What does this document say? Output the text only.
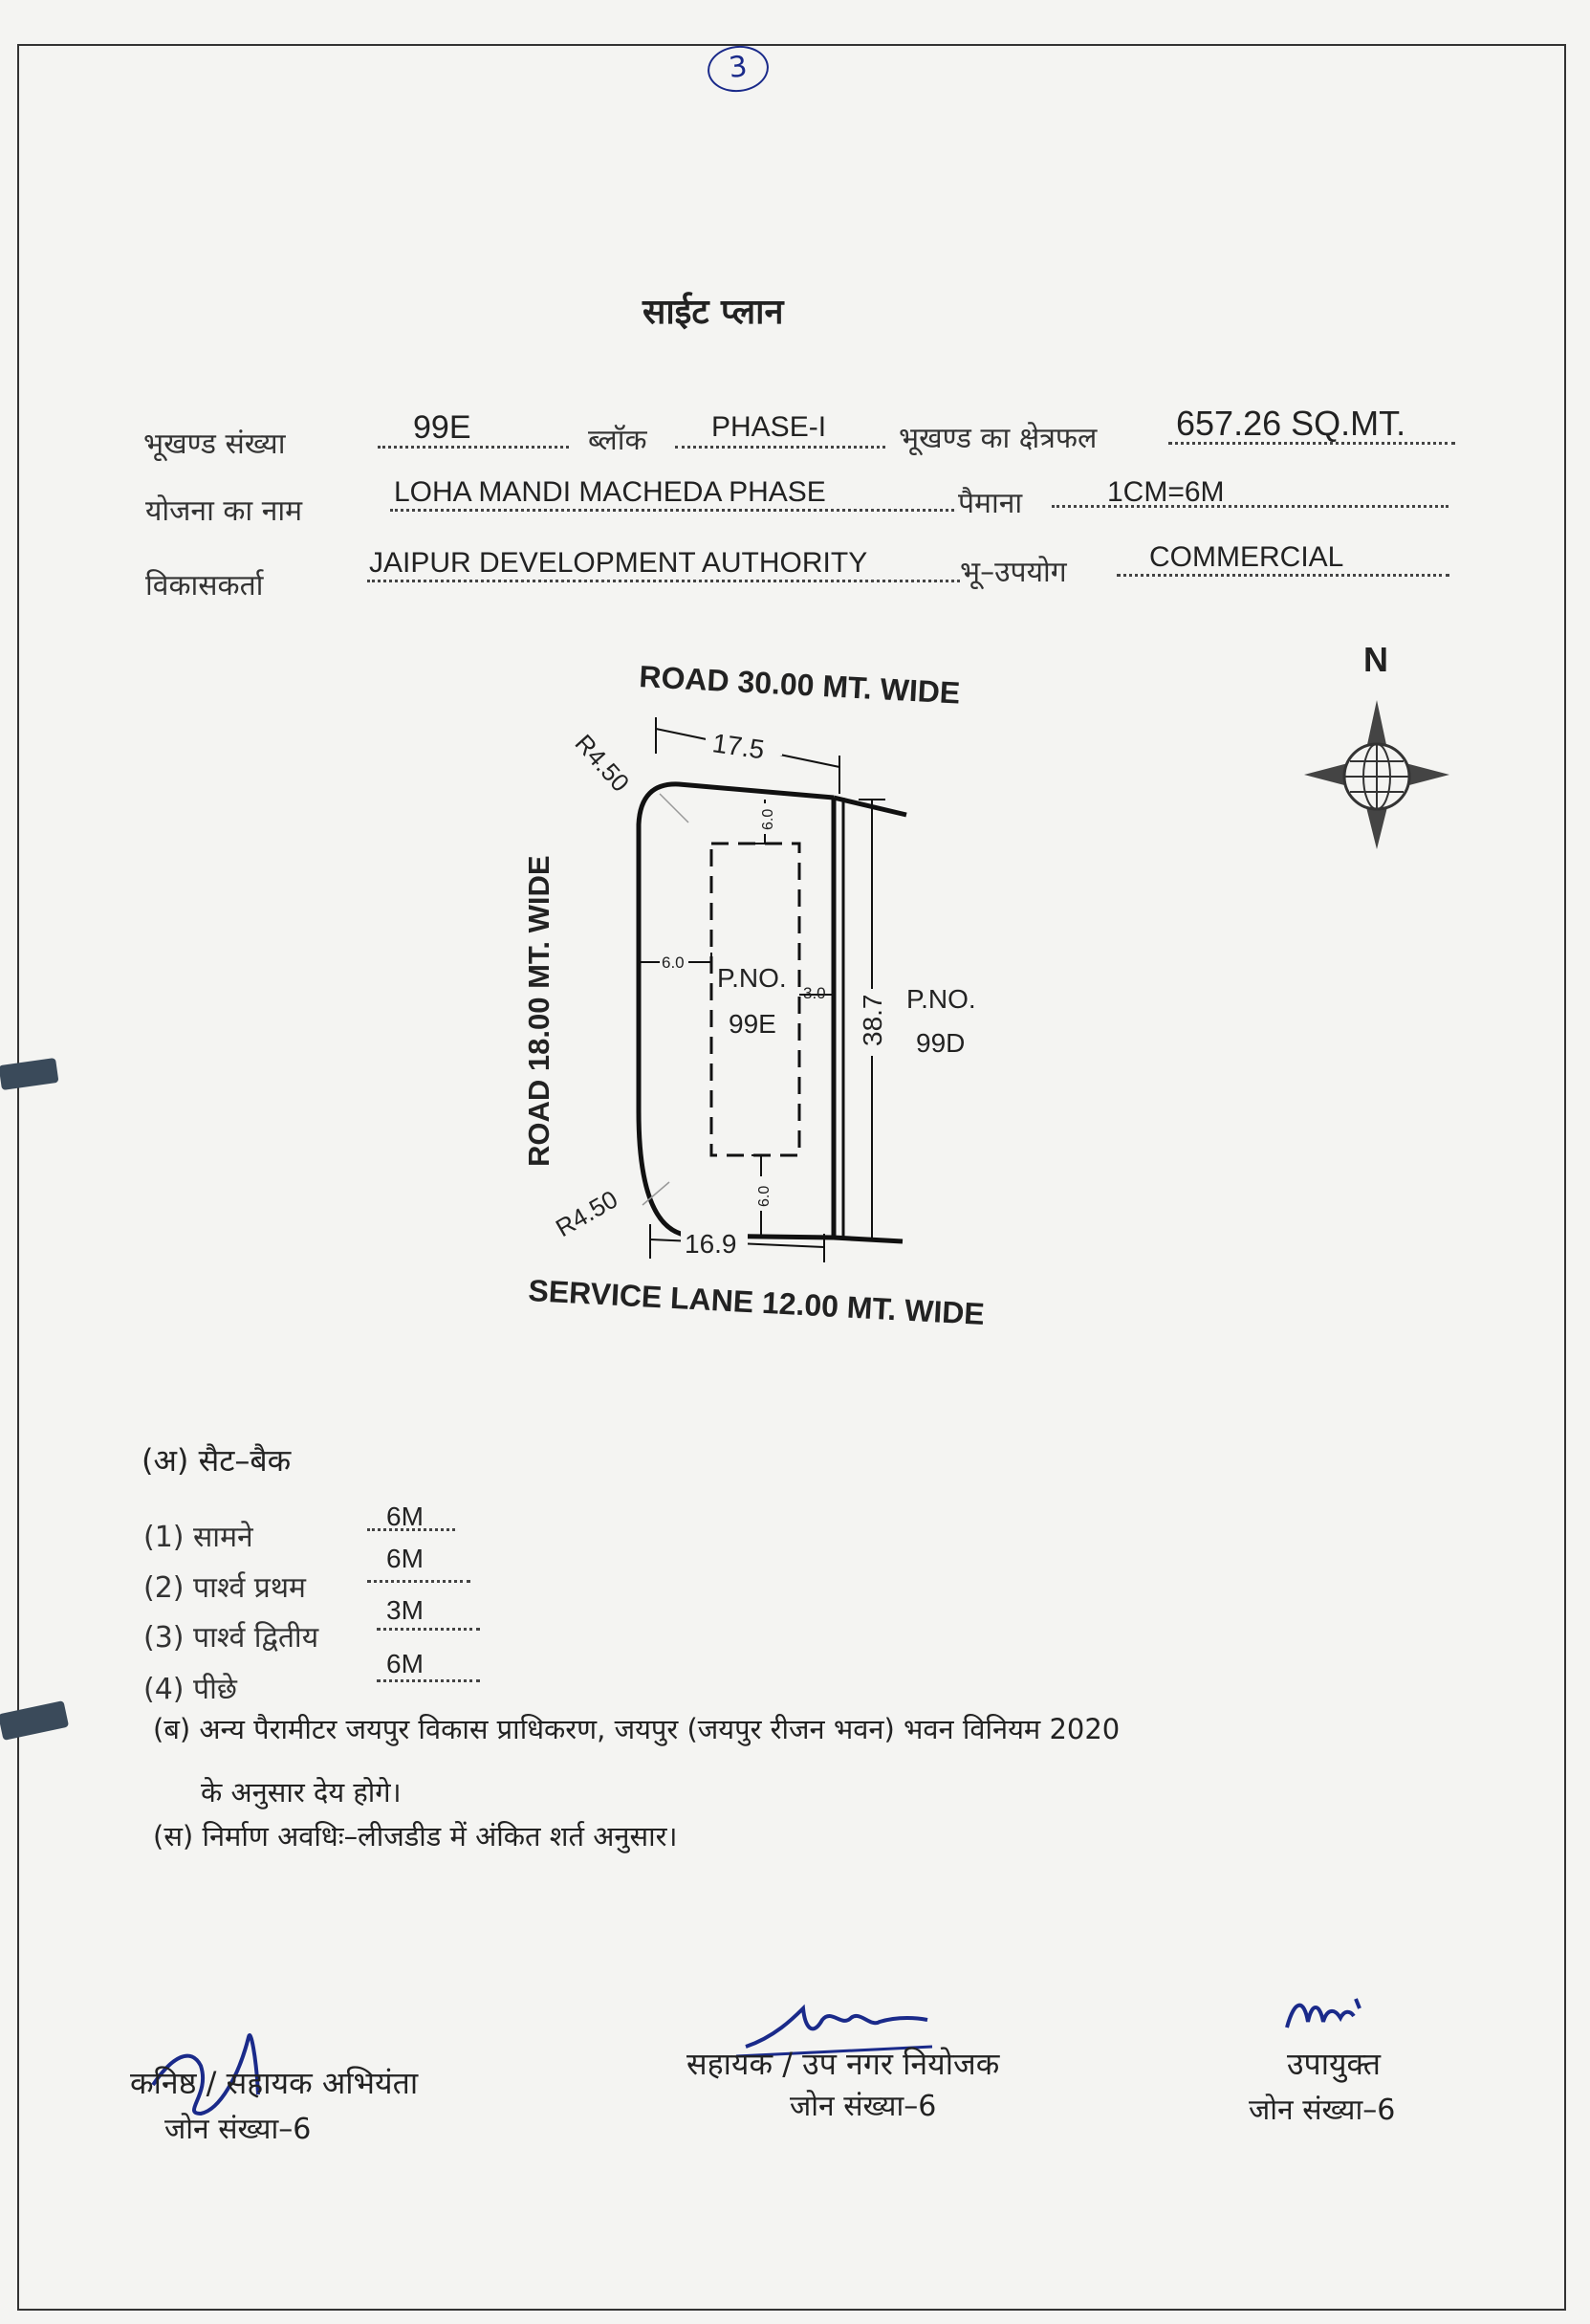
3
साईट प्लान
भूखण्ड संख्या	99E	ब्लॉक PHASE-I	भूखण्ड का क्षेत्रफल 657.26 SQ.MT.
योजना का नाम
LOHA MANDI MACHEDA PHASE	पैमाना	1CM=6M
विकासकर्ता
JAIPUR DEVELOPMENT AUTHORITY	भू–उपयोग	COMMERCIAL
ROAD 30.00 MT. WIDE
SERVICE LANE 12.00 MT. WIDE
ROAD 18.00 MT. WIDE
17.5
R4.50
R4.50
16.9
38.7
6.0
6.0
6.0
3.0
P.NO.
99E
P.NO.
99D
N
(अ) सैट–बैक
(1) सामने
6M
(2) पार्श्व प्रथम
6M
(3) पार्श्व द्वितीय
3M
(4) पीछे
6M
(ब) अन्य पैरामीटर जयपुर विकास प्राधिकरण, जयपुर (जयपुर रीजन भवन) भवन विनियम 2020
के अनुसार देय होगे।
(स) निर्माण अवधिः–लीजडीड में अंकित शर्त अनुसार।
कनिष्ठ / सहायक अभियंता
जोन संख्या–6
सहायक / उप नगर नियोजक
जोन संख्या–6
उपायुक्त
जोन संख्या–6
